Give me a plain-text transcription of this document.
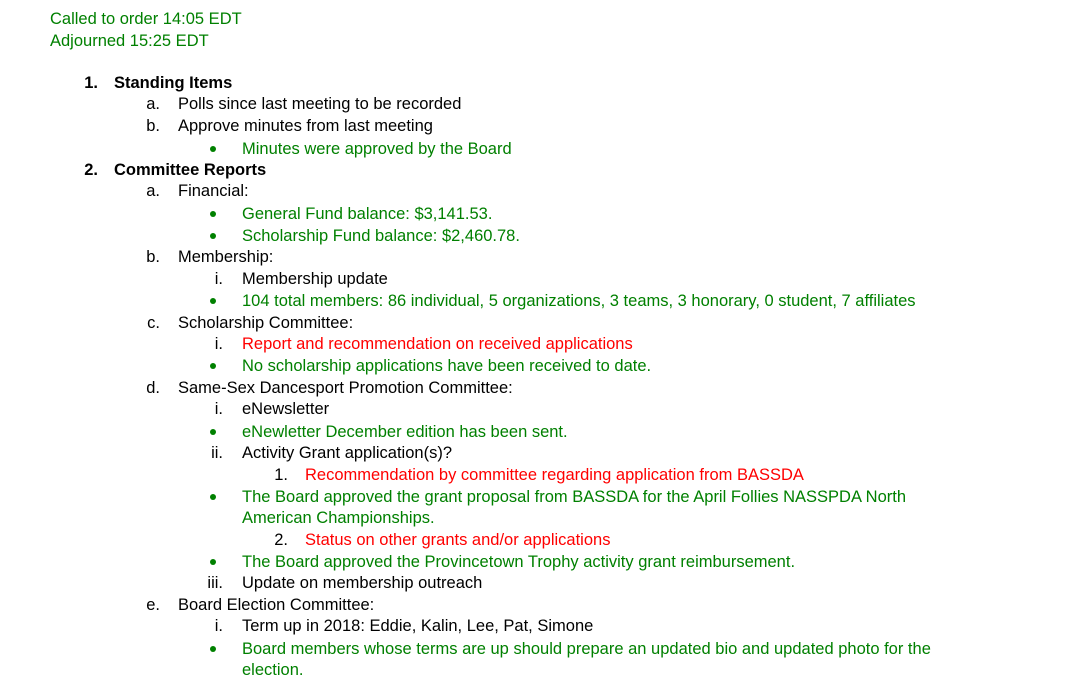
Called to order 14:05 EDT
Adjourned 15:25 EDT
1. Standing Items
a. Polls since last meeting to be recorded
b. Approve minutes from last meeting
Minutes were approved by the Board
2. Committee Reports
a. Financial:
General Fund balance: $3,141.53.
Scholarship Fund balance: $2,460.78.
b. Membership:
i. Membership update
104 total members: 86 individual, 5 organizations, 3 teams, 3 honorary, 0 student, 7 affiliates
c. Scholarship Committee:
i. Report and recommendation on received applications
No scholarship applications have been received to date.
d. Same-Sex Dancesport Promotion Committee:
i. eNewsletter
eNewletter December edition has been sent.
ii. Activity Grant application(s)?
1. Recommendation by committee regarding application from BASSDA
The Board approved the grant proposal from BASSDA for the April Follies NASSPDA North
American Championships.
2. Status on other grants and/or applications
The Board approved the Provincetown Trophy activity grant reimbursement.
iii. Update on membership outreach
e. Board Election Committee:
i. Term up in 2018: Eddie, Kalin, Lee, Pat, Simone
Board members whose terms are up should prepare an updated bio and updated photo for the
election.
